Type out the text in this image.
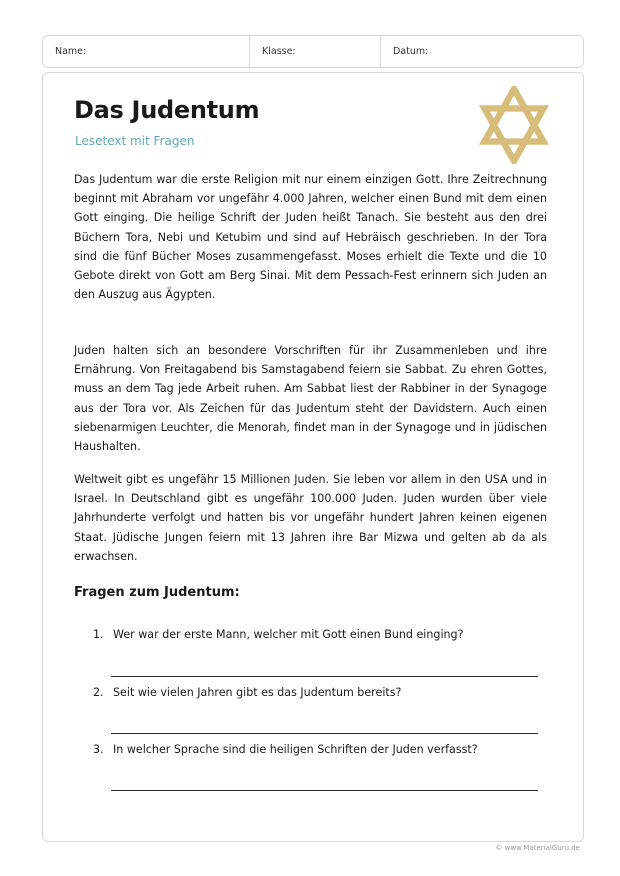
Name:	Klasse:	Datum:
Das Judentum
Lesetext mit Fragen

Das Judentum war die erste Religion mit nur einem einzigen Gott. Ihre Zeitrechnung beginnt mit Abraham vor ungefähr 4.000 Jahren, welcher einen Bund mit dem einen Gott einging. Die heilige Schrift der Juden heißt Tanach. Sie besteht aus den drei Büchern Tora, Nebi und Ketubim und sind auf Hebräisch geschrieben. In der Tora sind die fünf Bücher Moses zusammengefasst. Moses erhielt die Texte und die 10 Gebote direkt von Gott am Berg Sinai. Mit dem Pessach-Fest erinnern sich Juden an den Auszug aus Ägypten.

Juden halten sich an besondere Vorschriften für ihr Zusammenleben und ihre Ernährung. Von Freitagabend bis Samstagabend feiern sie Sabbat. Zu ehren Gottes, muss an dem Tag jede Arbeit ruhen. Am Sabbat liest der Rabbiner in der Synagoge aus der Tora vor. Als Zeichen für das Judentum steht der Davidstern. Auch einen siebenarmigen Leuchter, die Menorah, findet man in der Synagoge und in jüdischen Haushalten.

Weltweit gibt es ungefähr 15 Millionen Juden. Sie leben vor allem in den USA und in Israel. In Deutschland gibt es ungefähr 100.000 Juden. Juden wurden über viele Jahrhunderte verfolgt und hatten bis vor ungefähr hundert Jahren keinen eigenen Staat. Jüdische Jungen feiern mit 13 Jahren ihre Bar Mizwa und gelten ab da als erwachsen.

Fragen zum Judentum:
1. Wer war der erste Mann, welcher mit Gott einen Bund einging?
2. Seit wie vielen Jahren gibt es das Judentum bereits?
3. In welcher Sprache sind die heiligen Schriften der Juden verfasst?
© www.MaterialGuru.de
